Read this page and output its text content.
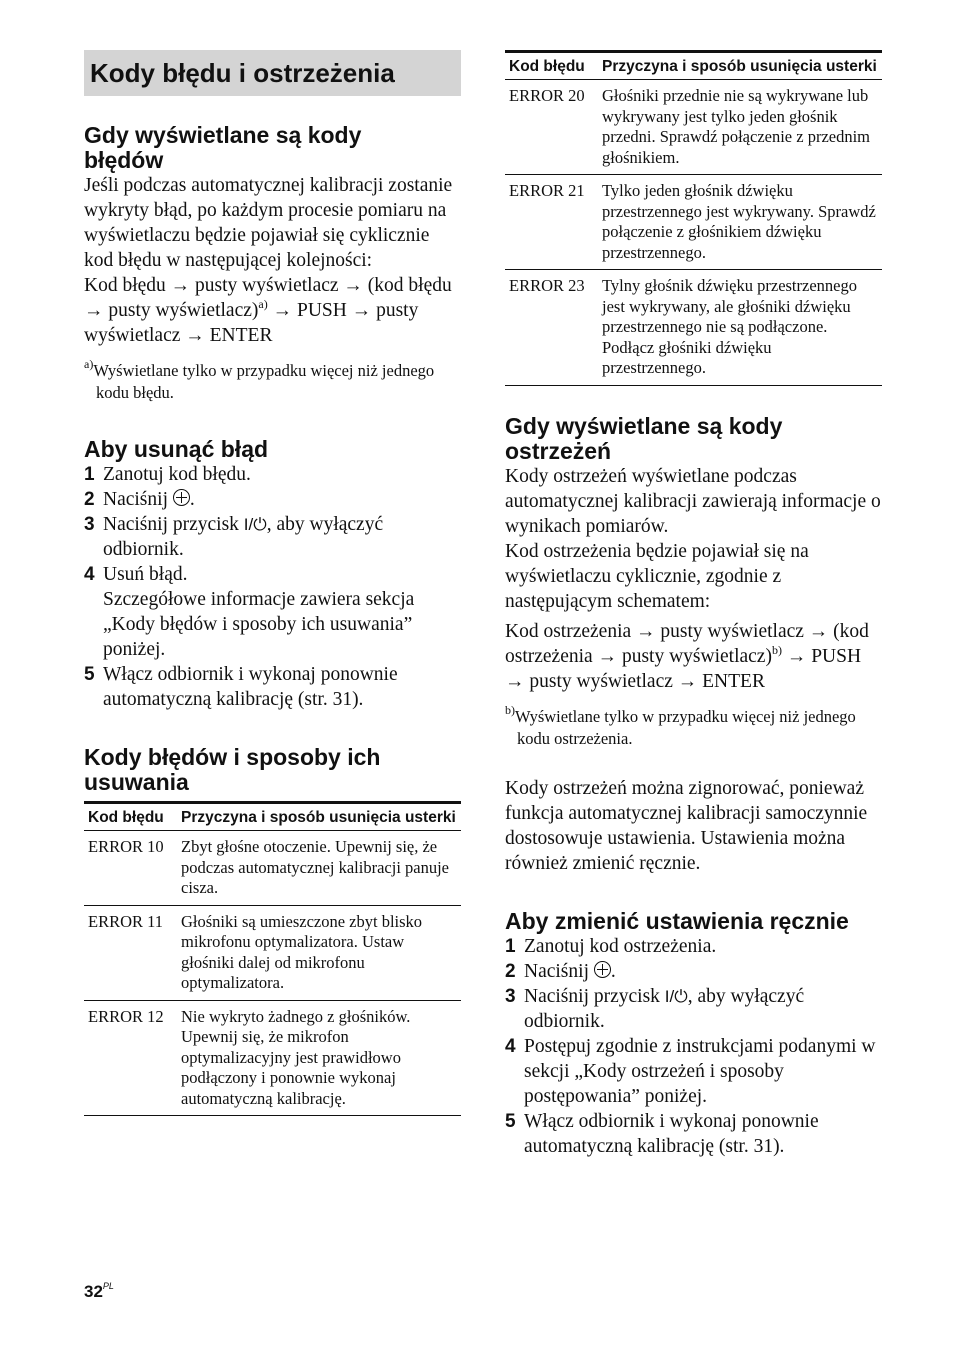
Kody błędu i ostrzeżenia
Gdy wyświetlane są kody błędów

Jeśli podczas automatycznej kalibracji zostanie wykryty błąd, po każdym procesie pomiaru na wyświetlaczu będzie pojawiał się cyklicznie kod błędu w następującej kolejności:

Kod błędu → pusty wyświetlacz → (kod błędu → pusty wyświetlacz)$^{a)}$ → PUSH → pusty wyświetlacz → ENTER

$^{a)}$Wyświetlane tylko w przypadku więcej niż jednego kodu błędu.

Aby usunąć błąd
1 Zanotuj kod błędu.
2 Naciśnij .
3 Naciśnij przycisk I/⏻, aby wyłączyć odbiornik.
4 Usuń błąd.
Szczegółowe informacje zawiera sekcja „Kody błędów i sposoby ich usuwania” poniżej.
5 Włącz odbiornik i wykonaj ponownie automatyczną kalibrację (str. 31).
Kody błędów i sposoby ich usuwania
Kod błędu	Przyczyna i sposób usunięcia usterki
ERROR 10	Zbyt głośne otoczenie. Upewnij się, że podczas automatycznej kalibracji panuje cisza.
ERROR 11	Głośniki są umieszczone zbyt blisko mikrofonu optymalizatora. Ustaw głośniki dalej od mikrofonu optymalizatora.
ERROR 12	Nie wykryto żadnego z głośników. Upewnij się, że mikrofon optymalizacyjny jest prawidłowo podłączony i ponownie wykonaj automatyczną kalibrację.
Kod błędu	Przyczyna i sposób usunięcia usterki
ERROR 20	Głośniki przednie nie są wykrywane lub wykrywany jest tylko jeden głośnik przedni. Sprawdź połączenie z przednim głośnikiem.
ERROR 21	Tylko jeden głośnik dźwięku przestrzennego jest wykrywany. Sprawdź połączenie z głośnikiem dźwięku przestrzennego.
ERROR 23	Tylny głośnik dźwięku przestrzennego jest wykrywany, ale głośniki dźwięku przestrzennego nie są podłączone. Podłącz głośniki dźwięku przestrzennego.
Gdy wyświetlane są kody ostrzeżeń

Kody ostrzeżeń wyświetlane podczas automatycznej kalibracji zawierają informacje o wynikach pomiarów.

Kod ostrzeżenia będzie pojawiał się na wyświetlaczu cyklicznie, zgodnie z następującym schematem:

Kod ostrzeżenia → pusty wyświetlacz → (kod ostrzeżenia → pusty wyświetlacz)$^{b)}$ → PUSH → pusty wyświetlacz → ENTER

$^{b)}$Wyświetlane tylko w przypadku więcej niż jednego kodu ostrzeżenia.

Kody ostrzeżeń można zignorować, ponieważ funkcja automatycznej kalibracji samoczynnie dostosowuje ustawienia. Ustawienia można również zmienić ręcznie.

Aby zmienić ustawienia ręcznie
1 Zanotuj kod ostrzeżenia.
2 Naciśnij .
3 Naciśnij przycisk I/⏻, aby wyłączyć odbiornik.
4 Postępuj zgodnie z instrukcjami podanymi w sekcji „Kody ostrzeżeń i sposoby postępowania” poniżej.
5 Włącz odbiornik i wykonaj ponownie automatyczną kalibrację (str. 31).
$32^{PL}$
